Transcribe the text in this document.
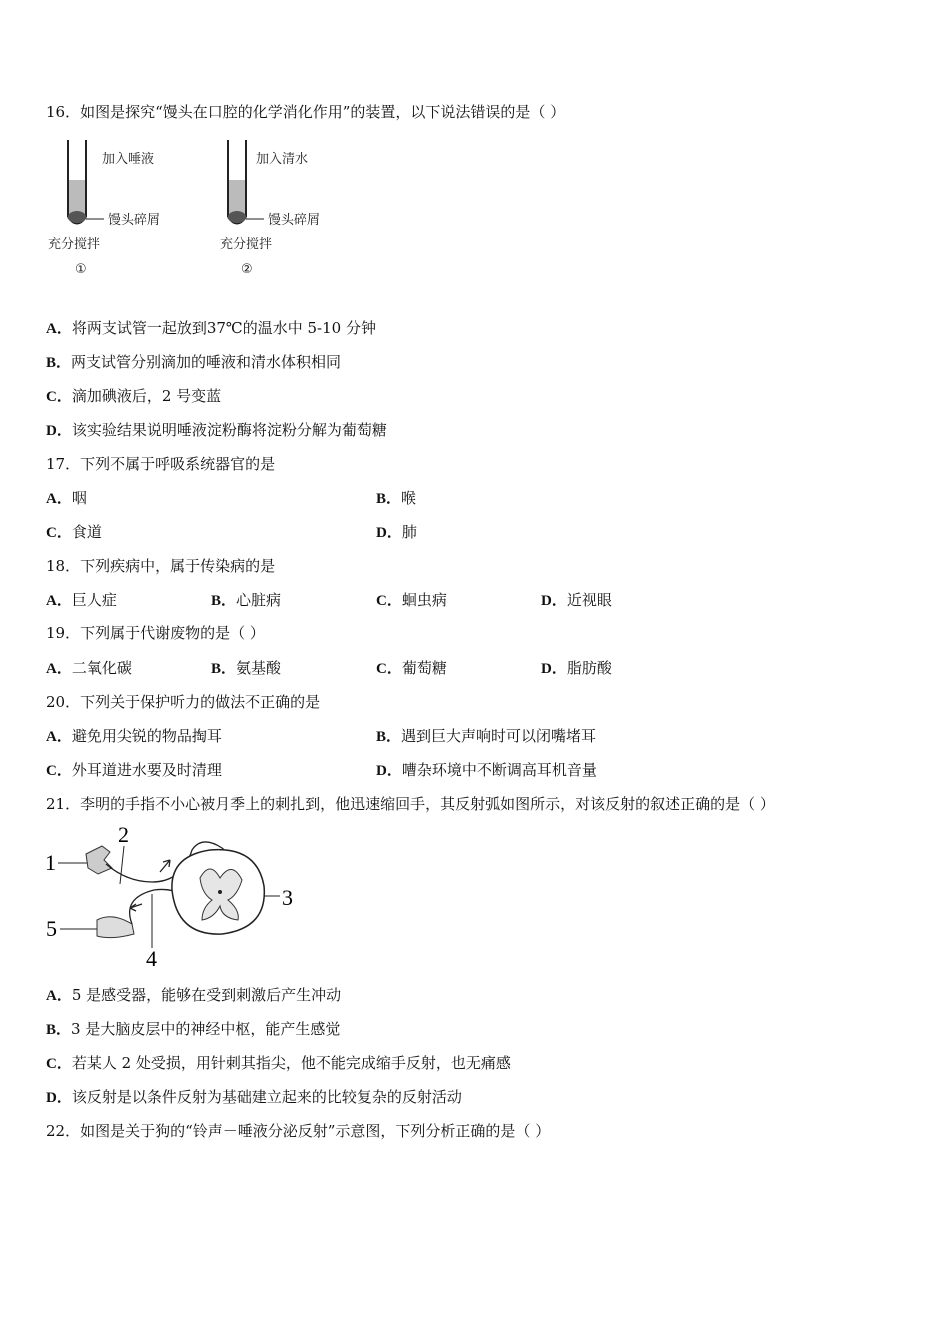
16．如图是探究“馒头在口腔的化学消化作用”的装置，以下说法错误的是（ ）
加入唾液
馒头碎屑
充分搅拌
①
加入清水
馒头碎屑
充分搅拌
②
A．将两支试管一起放到37℃的温水中 5-10 分钟
B．两支试管分别滴加的唾液和清水体积相同
C．滴加碘液后，2 号变蓝
D．该实验结果说明唾液淀粉酶将淀粉分解为葡萄糖
17．下列不属于呼吸系统器官的是
A．咽	B．喉
C．食道	D．肺
18．下列疾病中，属于传染病的是
A．巨人症	B．心脏病	C．蛔虫病	D．近视眼
19．下列属于代谢废物的是（ ）
A．二氧化碳	B．氨基酸	C．葡萄糖	D．脂肪酸
20．下列关于保护听力的做法不正确的是
A．避免用尖锐的物品掏耳	B．遇到巨大声响时可以闭嘴堵耳
C．外耳道进水要及时清理	D．嘈杂环境中不断调高耳机音量
21．李明的手指不小心被月季上的刺扎到，他迅速缩回手，其反射弧如图所示，对该反射的叙述正确的是（ ）
1
2
3
4
5
A．5 是感受器，能够在受到刺激后产生冲动
B．3 是大脑皮层中的神经中枢，能产生感觉
C．若某人 2 处受损，用针刺其指尖，他不能完成缩手反射，也无痛感
D．该反射是以条件反射为基础建立起来的比较复杂的反射活动
22．如图是关于狗的“铃声－唾液分泌反射”示意图，下列分析正确的是（ ）
